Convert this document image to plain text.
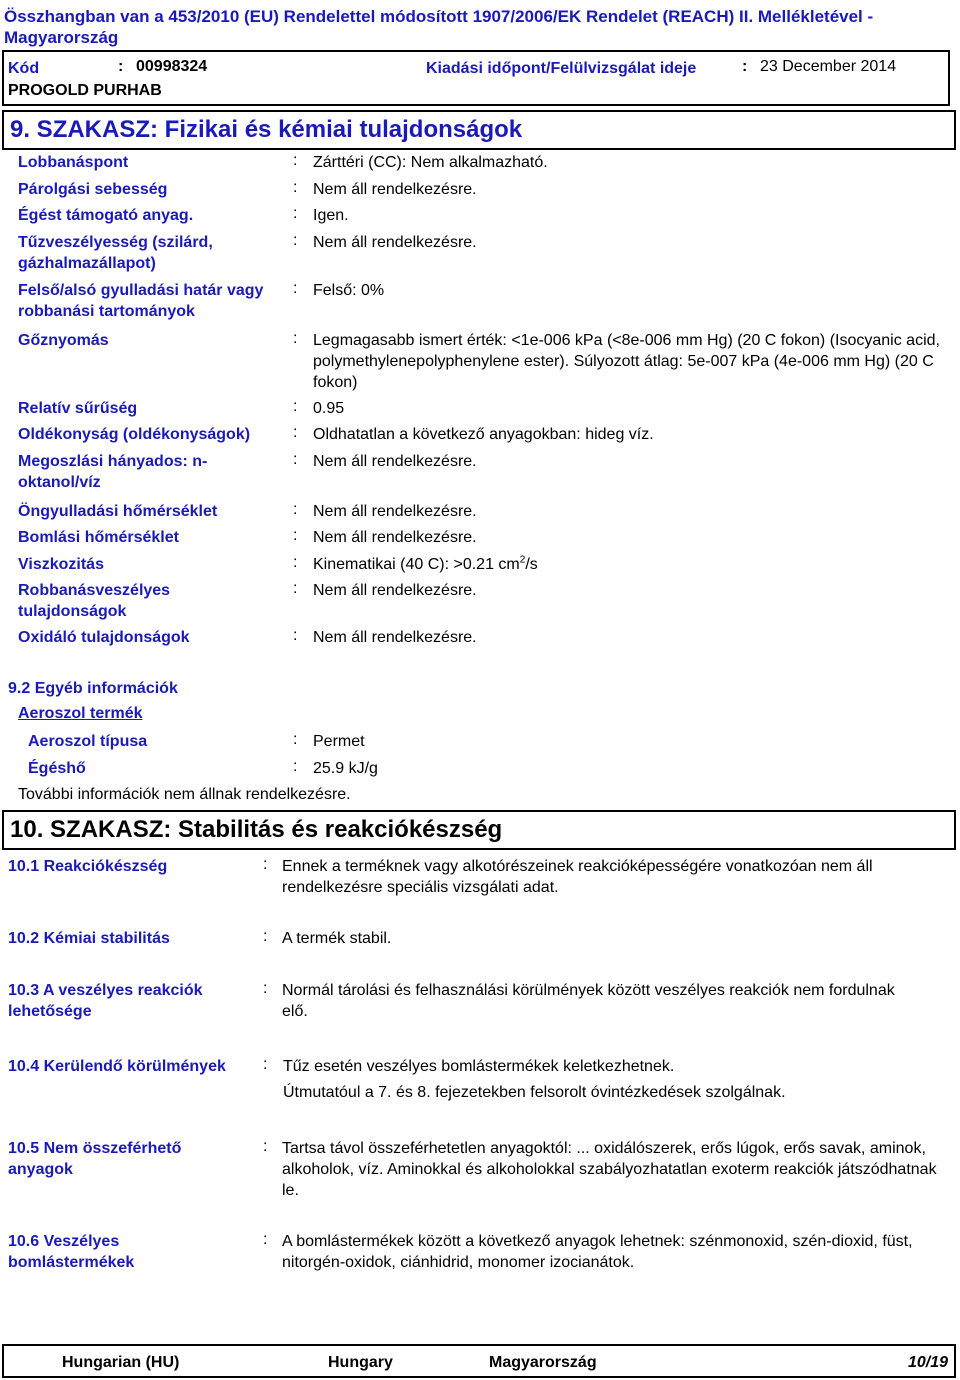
Összhangban van a 453/2010 (EU) Rendelettel módosított 1907/2006/EK Rendelet (REACH) II. Mellékletével - Magyarország
Kód	: 00998324	Kiadási időpont/Felülvizsgálat ideje	: 23 December 2014
PROGOLD PURHAB
9. SZAKASZ: Fizikai és kémiai tulajdonságok
Lobbanáspont	: Zárttéri (CC): Nem alkalmazható.
Párolgási sebesség	: Nem áll rendelkezésre.
Égést támogató anyag.	: Igen.
Tűzveszélyesség (szilárd, gázhalmazállapot)
: Nem áll rendelkezésre.
Felső/alsó gyulladási határ vagy robbanási tartományok
: Felső: 0%
Gőznyomás	: Legmagasabb ismert érték: <1e-006 kPa (<8e-006 mm Hg) (20 C fokon) (Isocyanic acid, polymethylenepolyphenylene ester). Súlyozott átlag: 5e-007 kPa (4e-006 mm Hg) (20 C fokon)
Relatív sűrűség	: 0.95
Oldékonyság (oldékonyságok)	: Oldhatatlan a következő anyagokban: hideg víz.
Megoszlási hányados: n-oktanol/víz
: Nem áll rendelkezésre.
Öngyulladási hőmérséklet	: Nem áll rendelkezésre.
Bomlási hőmérséklet	: Nem áll rendelkezésre.
Viszkozitás	: Kinematikai (40 C): >0.21 $cm^2/s$
Robbanásveszélyes tulajdonságok
: Nem áll rendelkezésre.
Oxidáló tulajdonságok	: Nem áll rendelkezésre.
9.2 Egyéb információk
Aeroszol termék
Aeroszol típusa	: Permet
Égéshő	: 25.9 kJ/g
További információk nem állnak rendelkezésre.
10. SZAKASZ: Stabilitás és reakciókészség
10.1 Reakciókészség	: Ennek a terméknek vagy alkotórészeinek reakcióképességére vonatkozóan nem áll rendelkezésre speciális vizsgálati adat.
10.2 Kémiai stabilitás	: A termék stabil.
10.3 A veszélyes reakciók lehetősége
: Normál tárolási és felhasználási körülmények között veszélyes reakciók nem fordulnak elő.
10.4 Kerülendő körülmények : Tűz esetén veszélyes bomlástermékek keletkezhetnek.
Útmutatóul a 7. és 8. fejezetekben felsorolt óvintézkedések szolgálnak.
10.5 Nem összeférhető anyagok
: Tartsa távol összeférhetetlen anyagoktól: ... oxidálószerek, erős lúgok, erős savak, aminok, alkoholok, víz. Aminokkal és alkoholokkal szabályozhatatlan exoterm reakciók játszódhatnak le.
10.6 Veszélyes bomlástermékek
: A bomlástermékek között a következő anyagok lehetnek: szénmonoxid, szén-dioxid, füst, nitorgén-oxidok, ciánhidrid, monomer izocianátok.
Hungarian (HU)	Hungary	Magyarország	10/19
